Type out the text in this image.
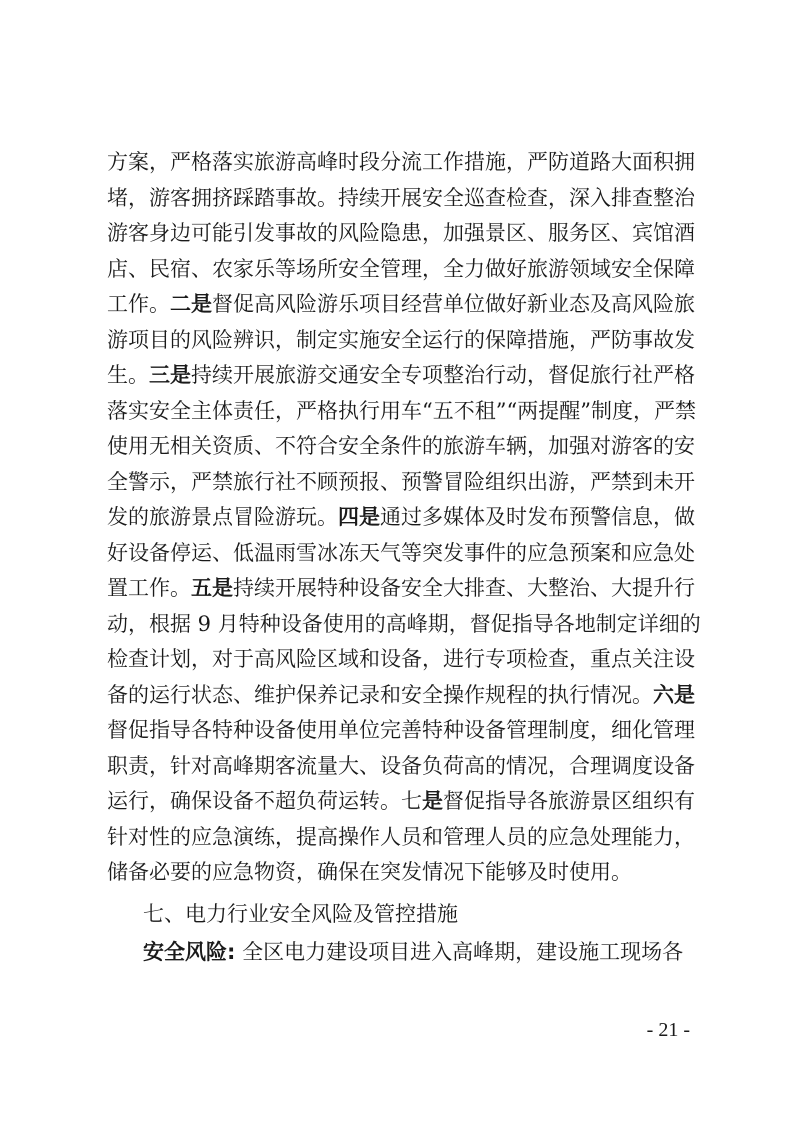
方案，严格落实旅游高峰时段分流工作措施，严防道路大面积拥
堵，游客拥挤踩踏事故。持续开展安全巡查检查，深入排查整治
游客身边可能引发事故的风险隐患，加强景区、服务区、宾馆酒
店、民宿、农家乐等场所安全管理，全力做好旅游领域安全保障
工作。二是督促高风险游乐项目经营单位做好新业态及高风险旅
游项目的风险辨识，制定实施安全运行的保障措施，严防事故发
生。三是持续开展旅游交通安全专项整治行动，督促旅行社严格
落实安全主体责任，严格执行用车“五不租”“两提醒”制度，严禁
使用无相关资质、不符合安全条件的旅游车辆，加强对游客的安
全警示，严禁旅行社不顾预报、预警冒险组织出游，严禁到未开
发的旅游景点冒险游玩。四是通过多媒体及时发布预警信息，做
好设备停运、低温雨雪冰冻天气等突发事件的应急预案和应急处
置工作。五是持续开展特种设备安全大排查、大整治、大提升行
动，根据 9 月特种设备使用的高峰期，督促指导各地制定详细的
检查计划，对于高风险区域和设备，进行专项检查，重点关注设
备的运行状态、维护保养记录和安全操作规程的执行情况。六是
督促指导各特种设备使用单位完善特种设备管理制度，细化管理
职责，针对高峰期客流量大、设备负荷高的情况，合理调度设备
运行，确保设备不超负荷运转。七是督促指导各旅游景区组织有
针对性的应急演练，提高操作人员和管理人员的应急处理能力，
储备必要的应急物资，确保在突发情况下能够及时使用。
七、电力行业安全风险及管控措施
安全风险: 全区电力建设项目进入高峰期，建设施工现场各
- 21 -
